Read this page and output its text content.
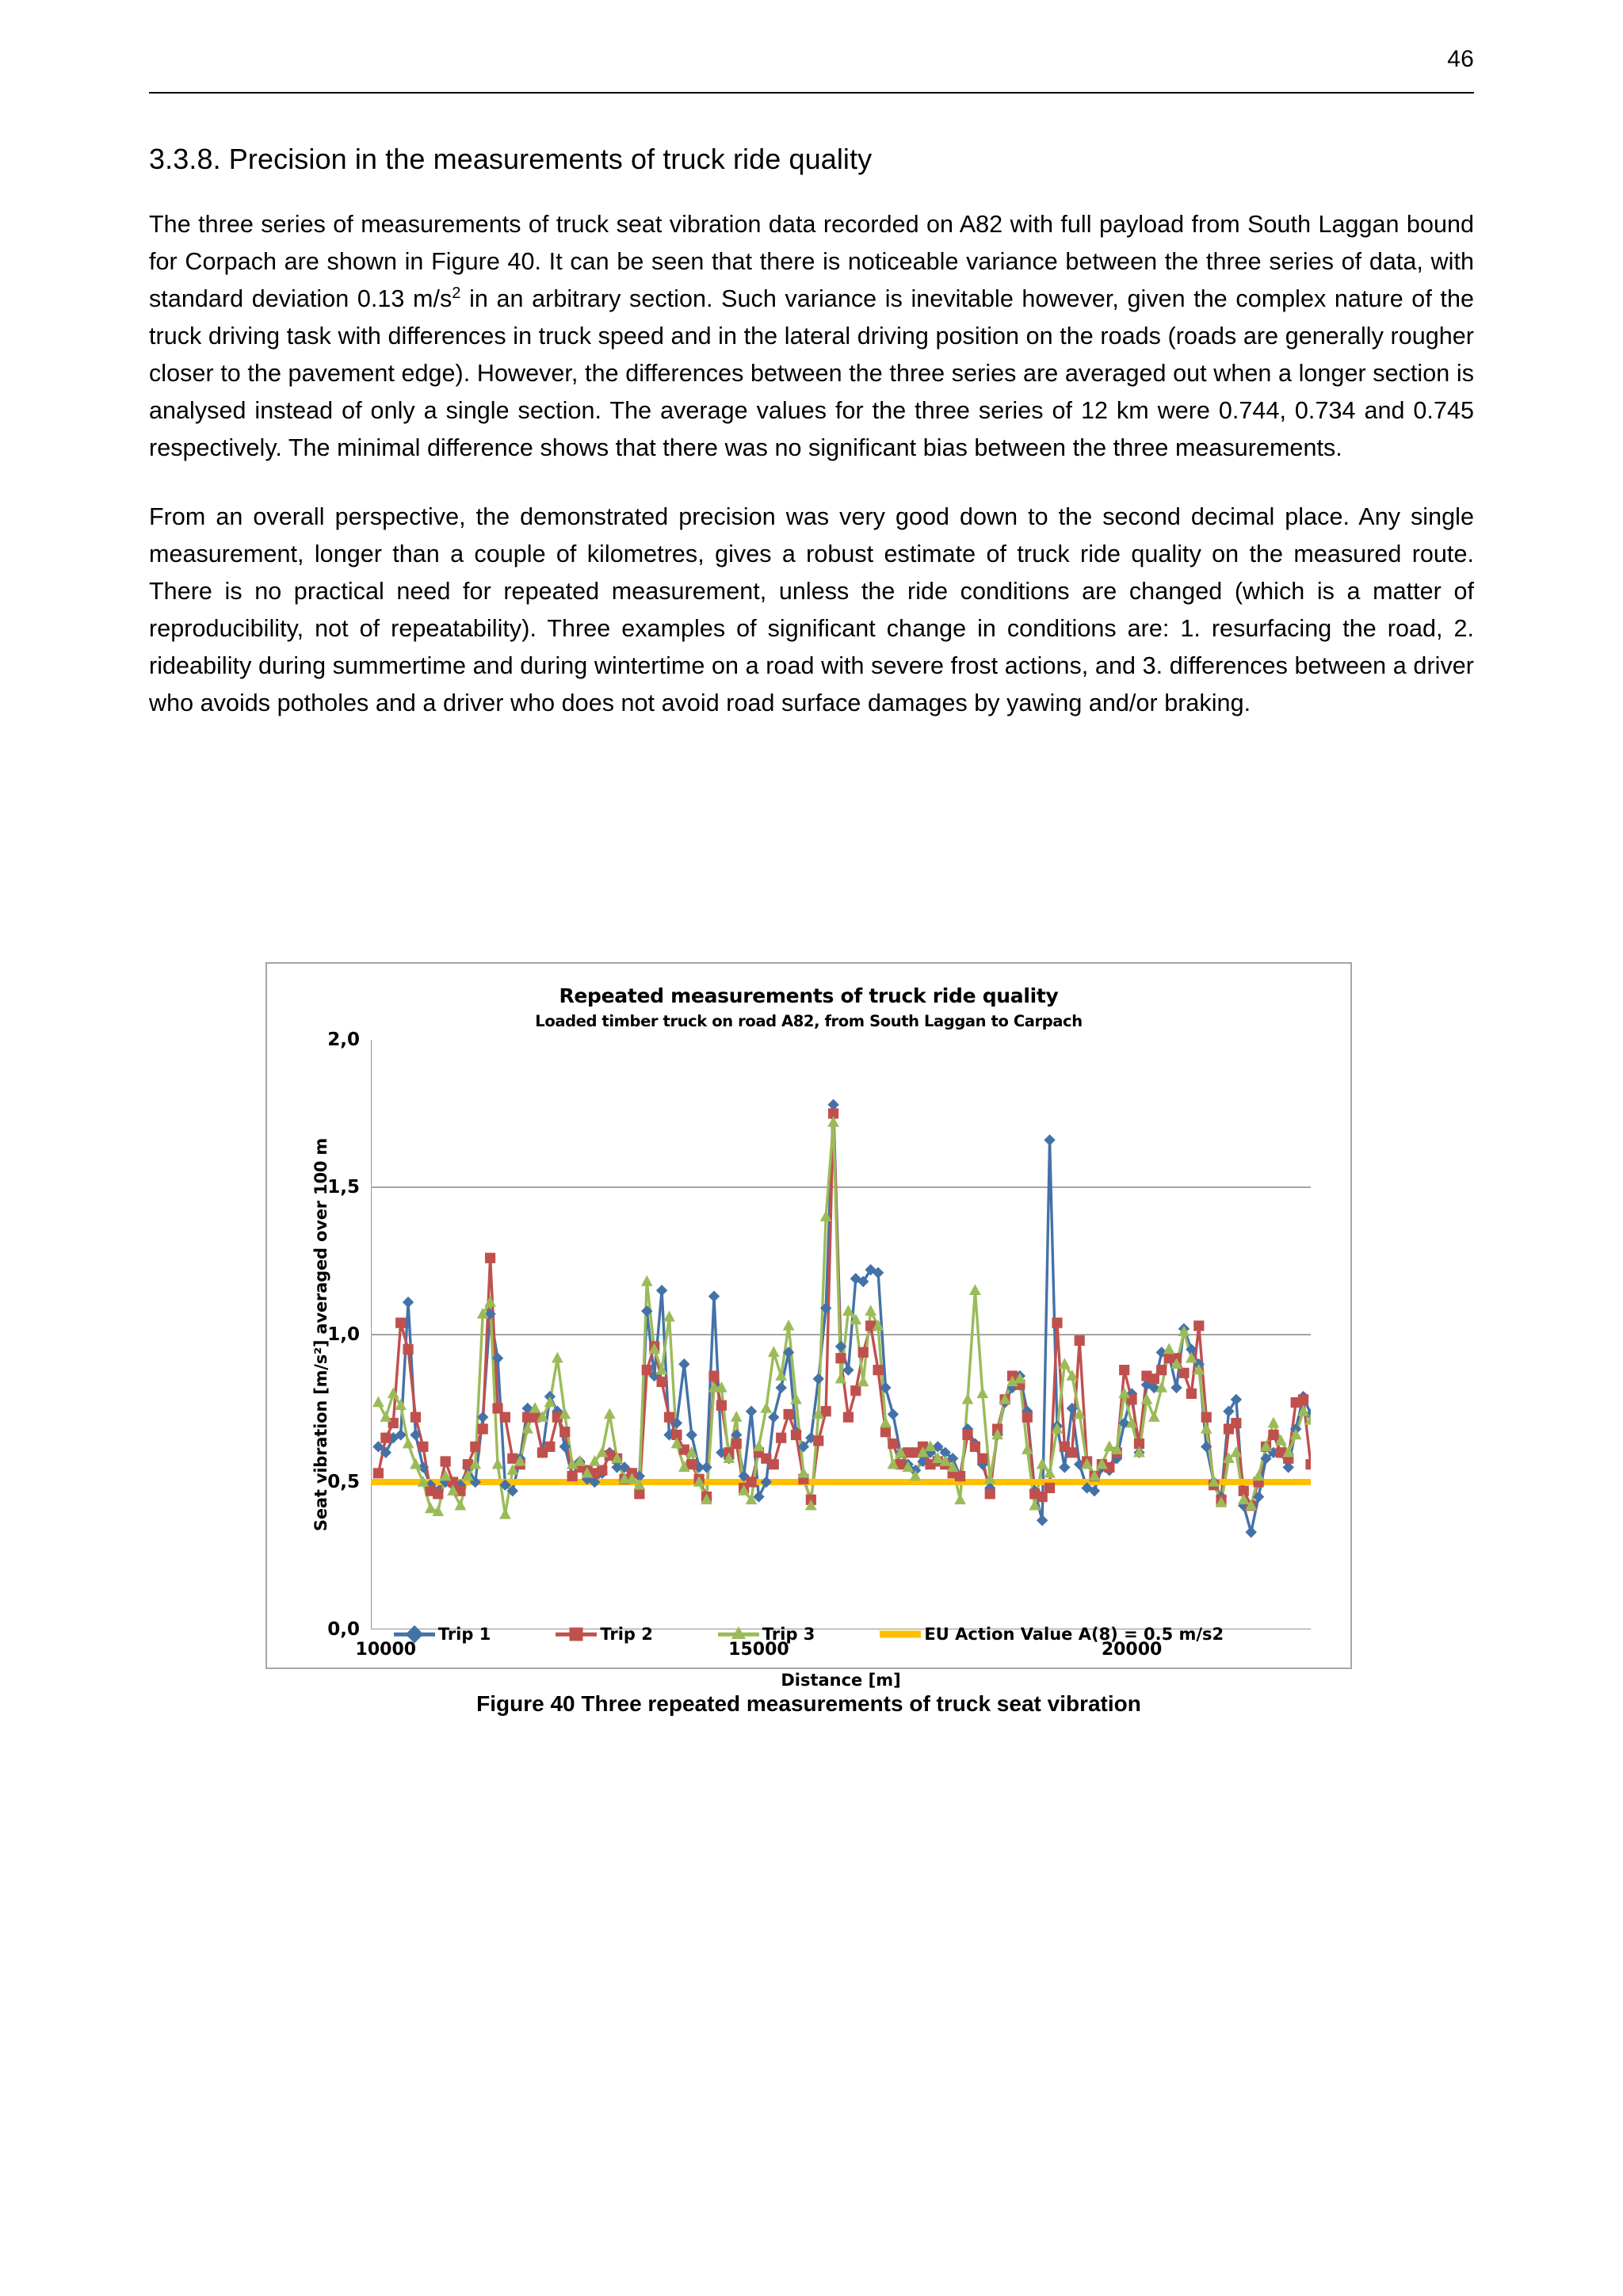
46
3.3.8. Precision in the measurements of truck ride quality

The three series of measurements of truck seat vibration data recorded on A82 with full payload from South Laggan bound for Corpach are shown in Figure 40. It can be seen that there is noticeable variance between the three series of data, with standard deviation 0.13 $m/s^2$ in an arbitrary section. Such variance is inevitable however, given the complex nature of the truck driving task with differences in truck speed and in the lateral driving position on the roads (roads are generally rougher closer to the pavement edge). However, the differences between the three series are averaged out when a longer section is analysed instead of only a single section. The average values for the three series of 12 km were 0.744, 0.734 and 0.745 respectively. The minimal difference shows that there was no significant bias between the three measurements.

From an overall perspective, the demonstrated precision was very good down to the second decimal place. Any single measurement, longer than a couple of kilometres, gives a robust estimate of truck ride quality on the measured route. There is no practical need for repeated measurement, unless the ride conditions are changed (which is a matter of reproducibility, not of repeatability). Three examples of significant change in conditions are: 1. resurfacing the road, 2. rideability during summertime and during wintertime on a road with severe frost actions, and 3. differences between a driver who avoids potholes and a driver who does not avoid road surface damages by yawing and/or braking.

Repeated measurements of truck ride quality
Loaded timber truck on road A82, from South Laggan to Carpach
Seat vibration [m/s²] averaged over 100 m
Distance [m]
0,0
0,5
1,0
1,5
2,0
10000	15000	20000
Trip 1	Trip 2	Trip 3	EU Action Value A(8) = 0.5 m/s2
Figure 40 Three repeated measurements of truck seat vibration
